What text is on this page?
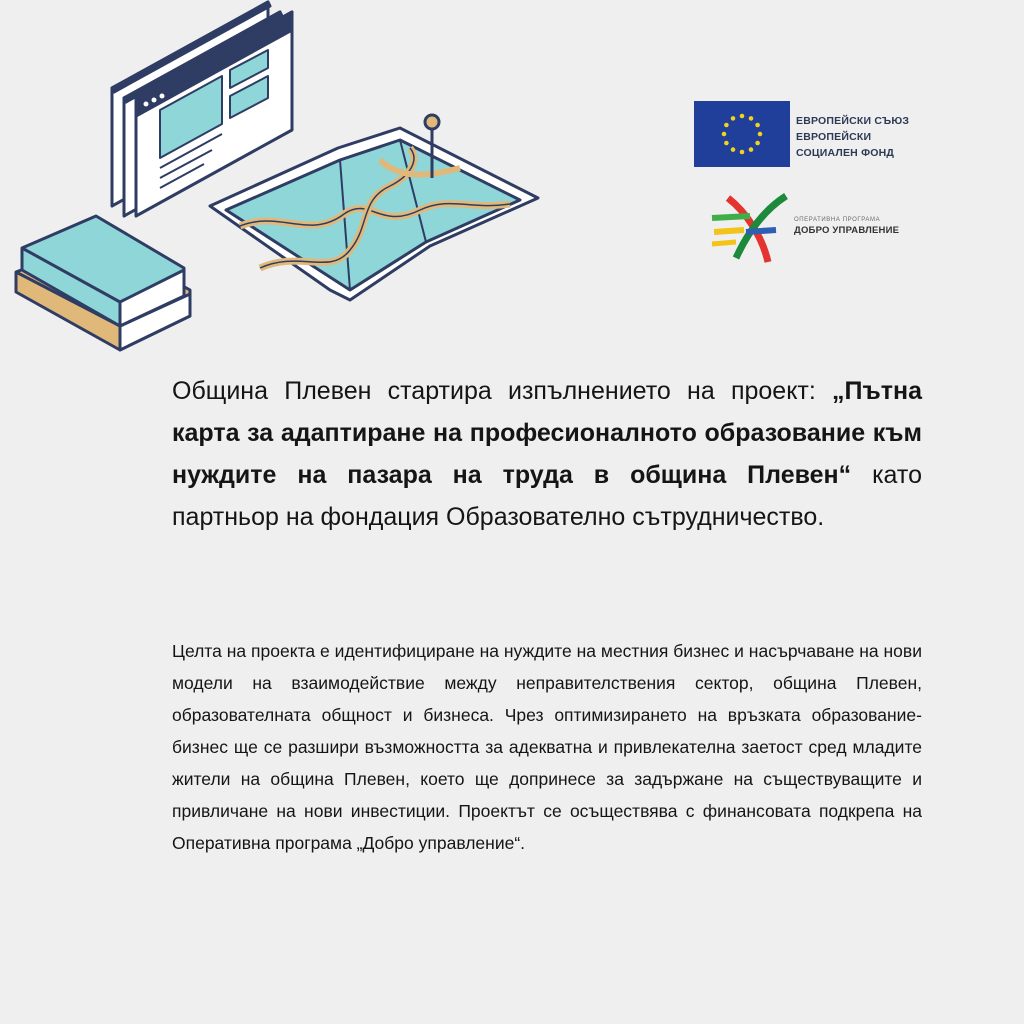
ЕВРОПЕЙСКИ СЪЮЗ
ЕВРОПЕЙСКИ
СОЦИАЛЕН ФОНД
ОПЕРАТИВНА ПРОГРАМА
ДОБРО УПРАВЛЕНИЕ
Община Плевен стартира изпълнението на проект: „Пътна карта за адаптиране на професионалното образование към нуждите на пазара на труда в община Плевен“ като партньор на фондация Образователно сътрудничество.
Целта на проекта е идентифициране на нуждите на местния бизнес и насърчаване на нови модели на взаимодействие между неправителствения сектор, община Плевен, образователната общност и бизнеса. Чрез оптимизирането на връзката образование-бизнес ще се разшири възможността за адекватна и привлекателна заетост сред младите жители на община Плевен, което ще допринесе за задържане на съществуващите и привличане на нови инвестиции. Проектът се осъществява с финансовата подкрепа на Оперативна програма „Добро управление“.
